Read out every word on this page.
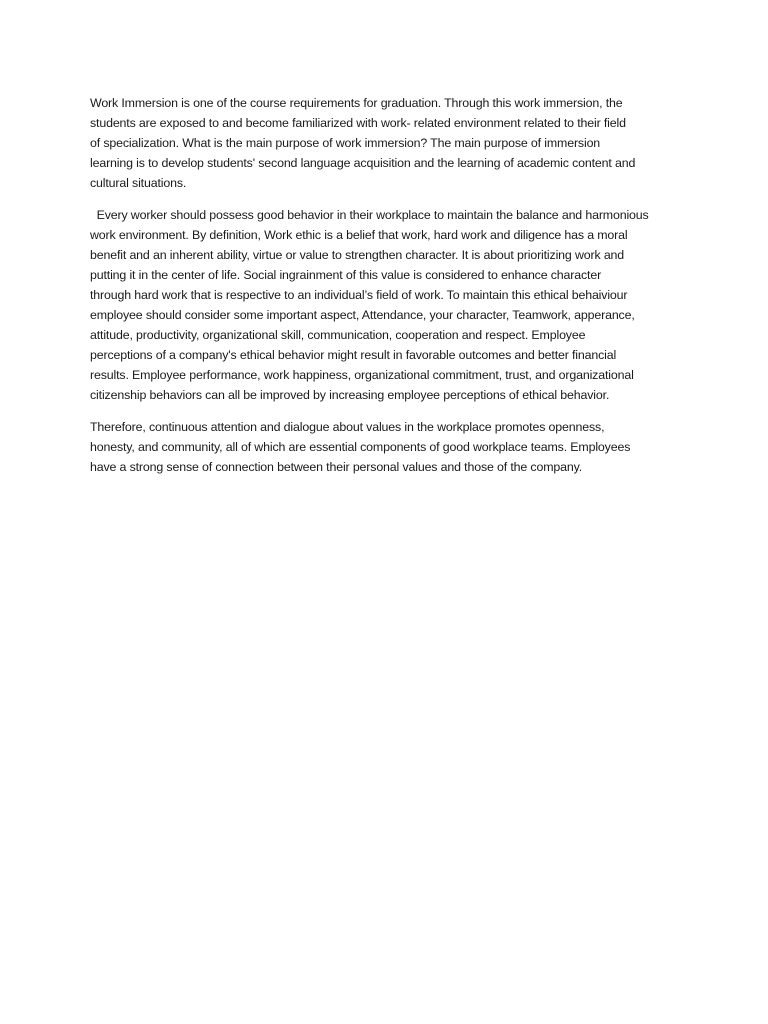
Work Immersion is one of the course requirements for graduation. Through this work immersion, the
students are exposed to and become familiarized with work- related environment related to their field
of specialization. What is the main purpose of work immersion? The main purpose of immersion
learning is to develop students' second language acquisition and the learning of academic content and
cultural situations.
Every worker should possess good behavior in their workplace to maintain the balance and harmonious
work environment. By definition, Work ethic is a belief that work, hard work and diligence has a moral
benefit and an inherent ability, virtue or value to strengthen character. It is about prioritizing work and
putting it in the center of life. Social ingrainment of this value is considered to enhance character
through hard work that is respective to an individual’s field of work. To maintain this ethical behaiviour
employee should consider some important aspect, Attendance, your character, Teamwork, apperance,
attitude, productivity, organizational skill, communication, cooperation and respect. Employee
perceptions of a company's ethical behavior might result in favorable outcomes and better financial
results. Employee performance, work happiness, organizational commitment, trust, and organizational
citizenship behaviors can all be improved by increasing employee perceptions of ethical behavior.
Therefore, continuous attention and dialogue about values in the workplace promotes openness,
honesty, and community, all of which are essential components of good workplace teams. Employees
have a strong sense of connection between their personal values and those of the company.
